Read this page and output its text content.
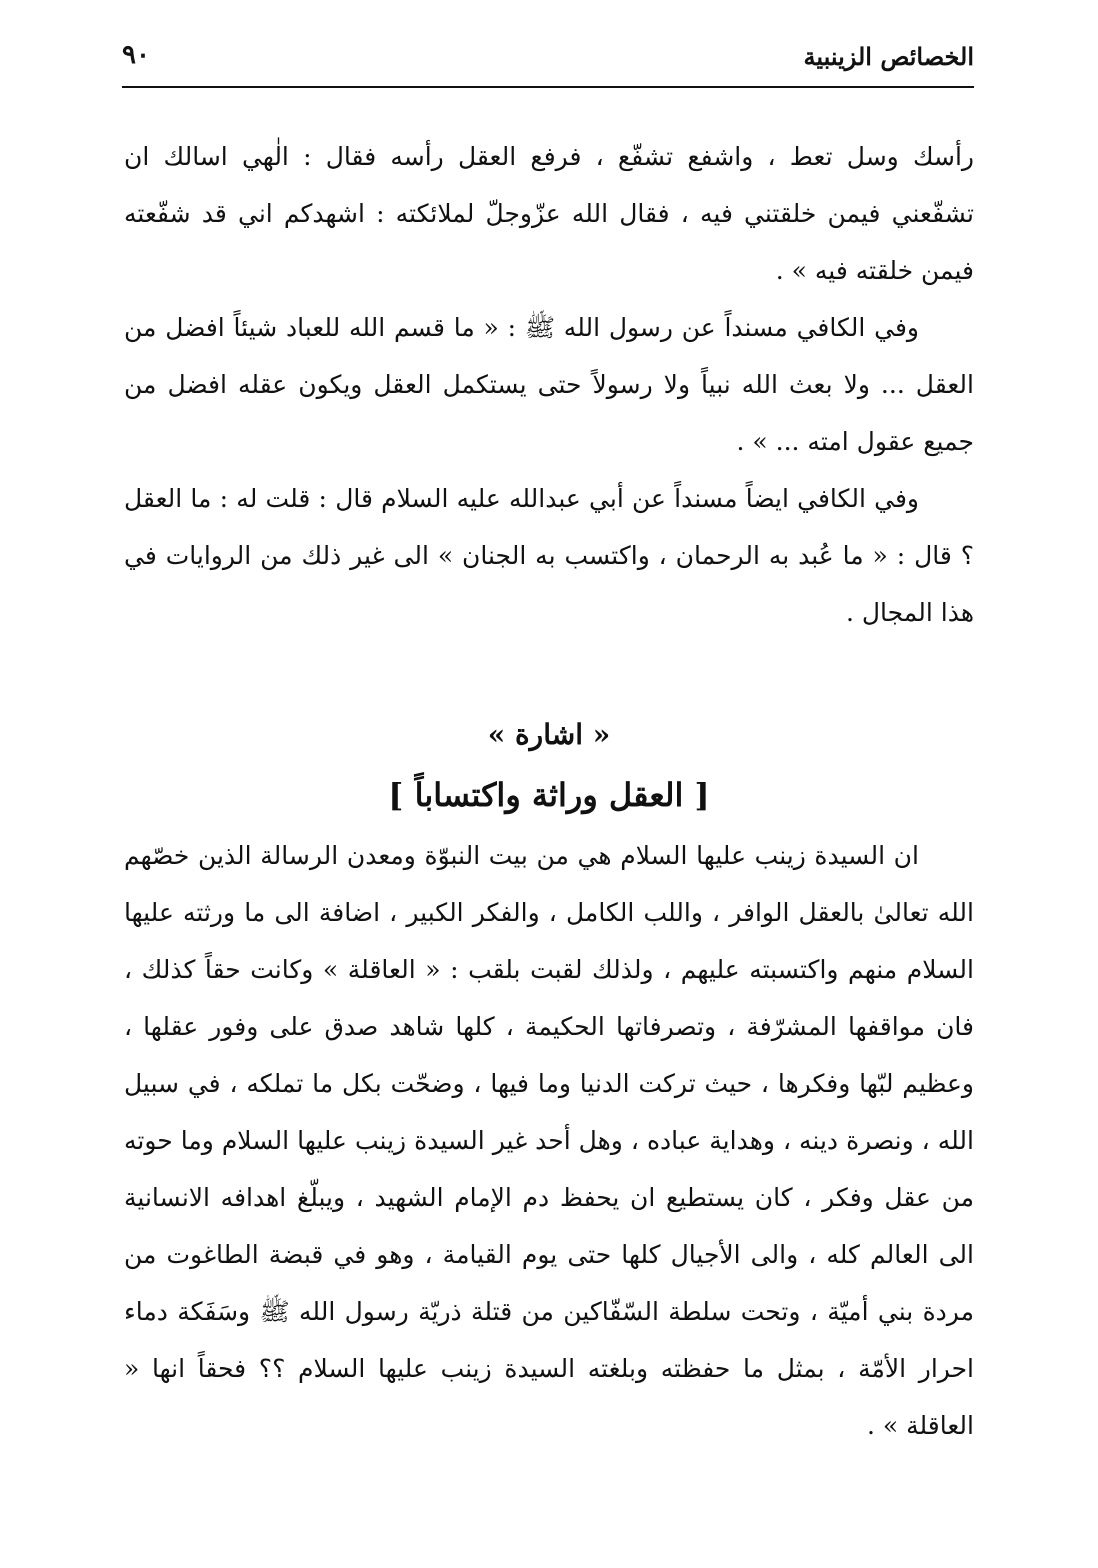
الخصائص الزينبية
٩٠

رأسك وسل تعط ، واشفع تشفّع ، فرفع العقل رأسه فقال : الٰهي اسالك ان تشفّعني فيمن خلقتني فيه ، فقال الله عزّوجلّ لملائكته : اشهدكم اني قد شفّعته فيمن خلقته فيه » .

وفي الكافي مسنداً عن رسول الله ﷺ : « ما قسم الله للعباد شيئاً افضل من العقل ... ولا بعث الله نبياً ولا رسولاً حتى يستكمل العقل ويكون عقله افضل من جميع عقول امته ... » .

وفي الكافي ايضاً مسنداً عن أبي عبدالله عليه السلام قال : قلت له : ما العقل ؟ قال : « ما عُبد به الرحمان ، واكتسب به الجنان » الى غير ذلك من الروايات في هذا المجال .

« اشارة »
[ العقل وراثة واكتساباً ]

ان السيدة زينب عليها السلام هي من بيت النبوّة ومعدن الرسالة الذين خصّهم الله تعالىٰ بالعقل الوافر ، واللب الكامل ، والفكر الكبير ، اضافة الى ما ورثته عليها السلام منهم واكتسبته عليهم ، ولذلك لقبت بلقب : « العاقلة » وكانت حقاً كذلك ، فان مواقفها المشرّفة ، وتصرفاتها الحكيمة ، كلها شاهد صدق على وفور عقلها ، وعظيم لبّها وفكرها ، حيث تركت الدنيا وما فيها ، وضحّت بكل ما تملكه ، في سبيل الله ، ونصرة دينه ، وهداية عباده ، وهل أحد غير السيدة زينب عليها السلام وما حوته من عقل وفكر ، كان يستطيع ان يحفظ دم الإمام الشهيد ، ويبلّغ اهدافه الانسانية الى العالم كله ، والى الأجيال كلها حتى يوم القيامة ، وهو في قبضة الطاغوت من مردة بني أميّة ، وتحت سلطة السّفّاكين من قتلة ذريّة رسول الله ﷺ وسَفَكة دماء احرار الأمّة ، بمثل ما حفظته وبلغته السيدة زينب عليها السلام ؟؟ فحقاً انها « العاقلة » .
